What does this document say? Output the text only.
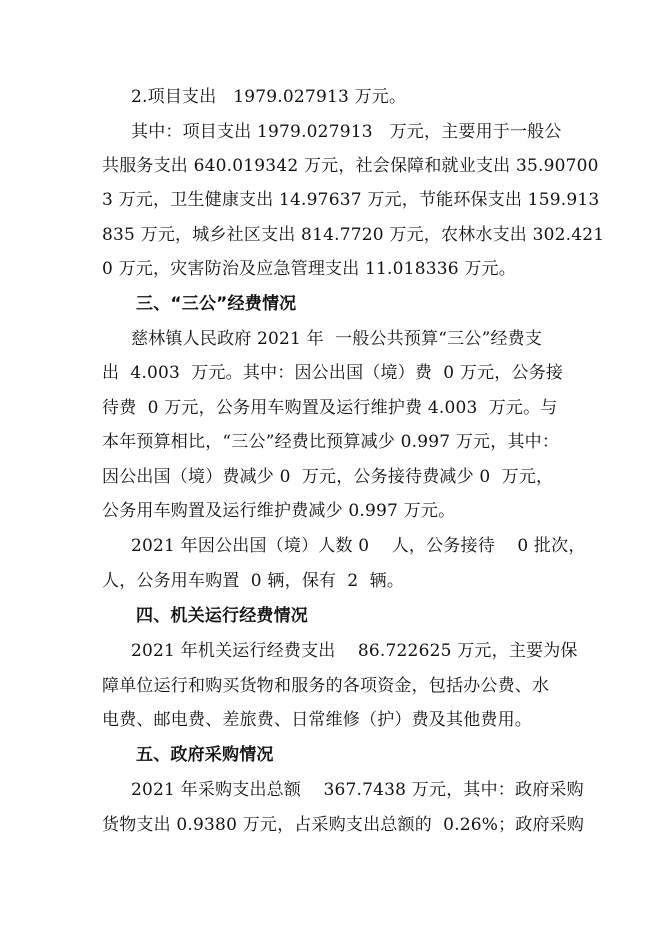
2.项目支出   1979.027913 万元。
其中：项目支出 1979.027913   万元，主要用于一般公
共服务支出 640.019342 万元，社会保障和就业支出 35.90700
3 万元，卫生健康支出 14.97637 万元，节能环保支出 159.913
835 万元，城乡社区支出 814.7720 万元，农林水支出 302.421
0 万元，灾害防治及应急管理支出 11.018336 万元。
三、“三公”经费情况
慈林镇人民政府 2021 年  一般公共预算“三公”经费支
出  4.003  万元。其中：因公出国（境）费  0 万元，公务接
待费  0 万元，公务用车购置及运行维护费 4.003  万元。与
本年预算相比，“三公”经费比预算减少 0.997 万元，其中：
因公出国（境）费减少 0  万元，公务接待费减少 0  万元，
公务用车购置及运行维护费减少 0.997 万元。
2021 年因公出国（境）人数 0    人，公务接待    0 批次，
人，公务用车购置  0 辆，保有  2  辆。
四、机关运行经费情况
2021 年机关运行经费支出    86.722625 万元，主要为保
障单位运行和购买货物和服务的各项资金，包括办公费、水
电费、邮电费、差旅费、日常维修（护）费及其他费用。
五、政府采购情况
2021 年采购支出总额    367.7438 万元，其中：政府采购
货物支出 0.9380 万元，占采购支出总额的  0.26%；政府采购
